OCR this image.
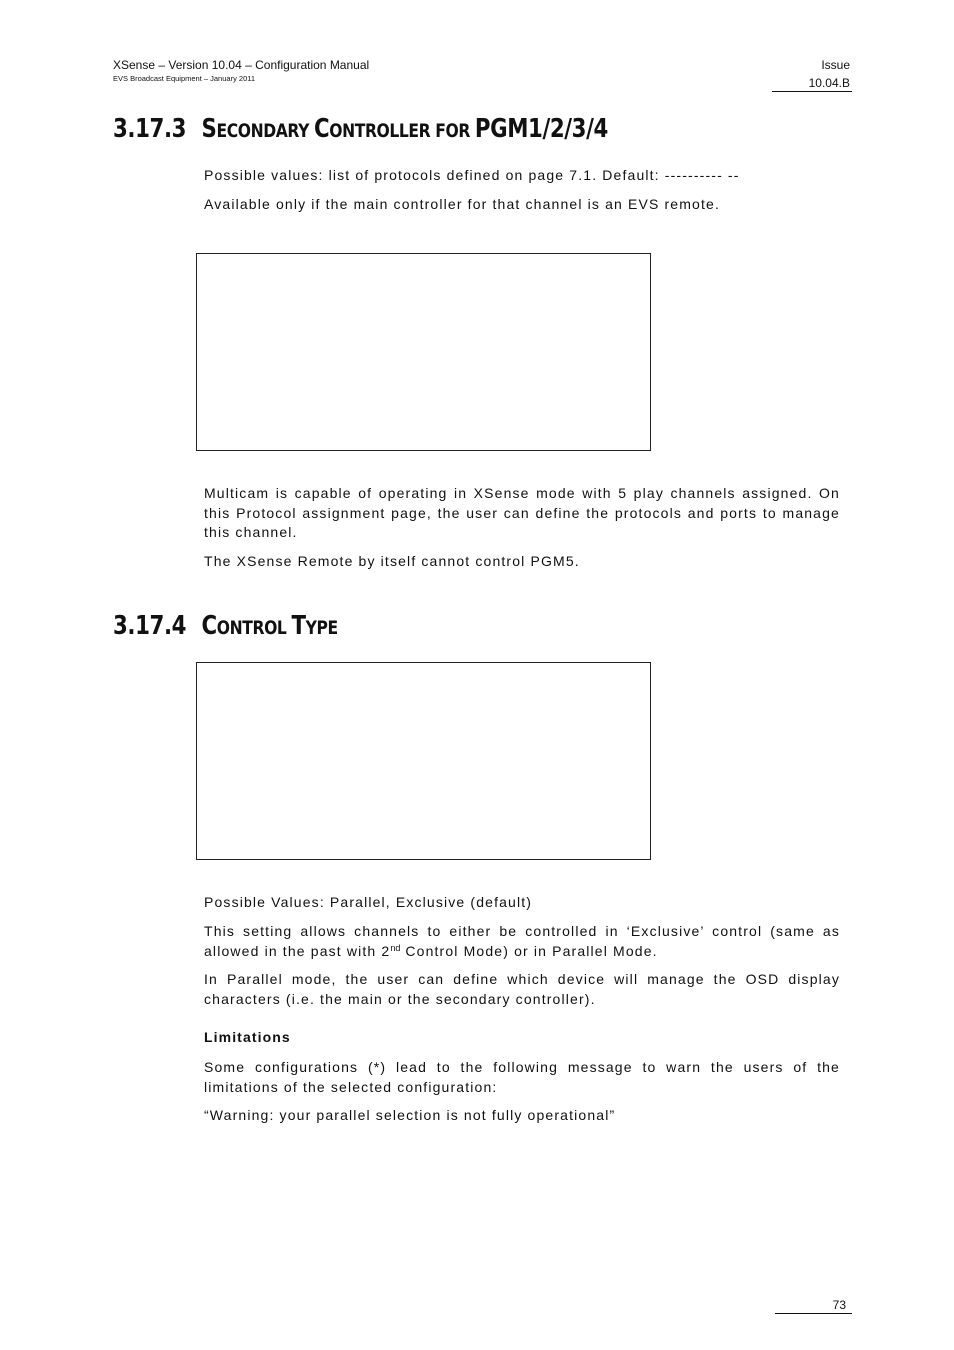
XSense – Version 10.04 – Configuration Manual
EVS Broadcast Equipment – January 2011
Issue
10.04.B
3.17.3 SECONDARY CONTROLLER FOR PGM1/2/3/4
Possible values: list of protocols defined on page 7.1. Default: ---------- --
Available only if the main controller for that channel is an EVS remote.
Multicam is capable of operating in XSense mode with 5 play channels assigned. On this Protocol assignment page, the user can define the protocols and ports to manage this channel.
The XSense Remote by itself cannot control PGM5.
3.17.4 CONTROL TYPE
Possible Values: Parallel, Exclusive (default)
This setting allows channels to either be controlled in ‘Exclusive’ control (same as allowed in the past with 2nd Control Mode) or in Parallel Mode.
In Parallel mode, the user can define which device will manage the OSD display characters (i.e. the main or the secondary controller).
Limitations
Some configurations (*) lead to the following message to warn the users of the limitations of the selected configuration:
“Warning: your parallel selection is not fully operational”
73
